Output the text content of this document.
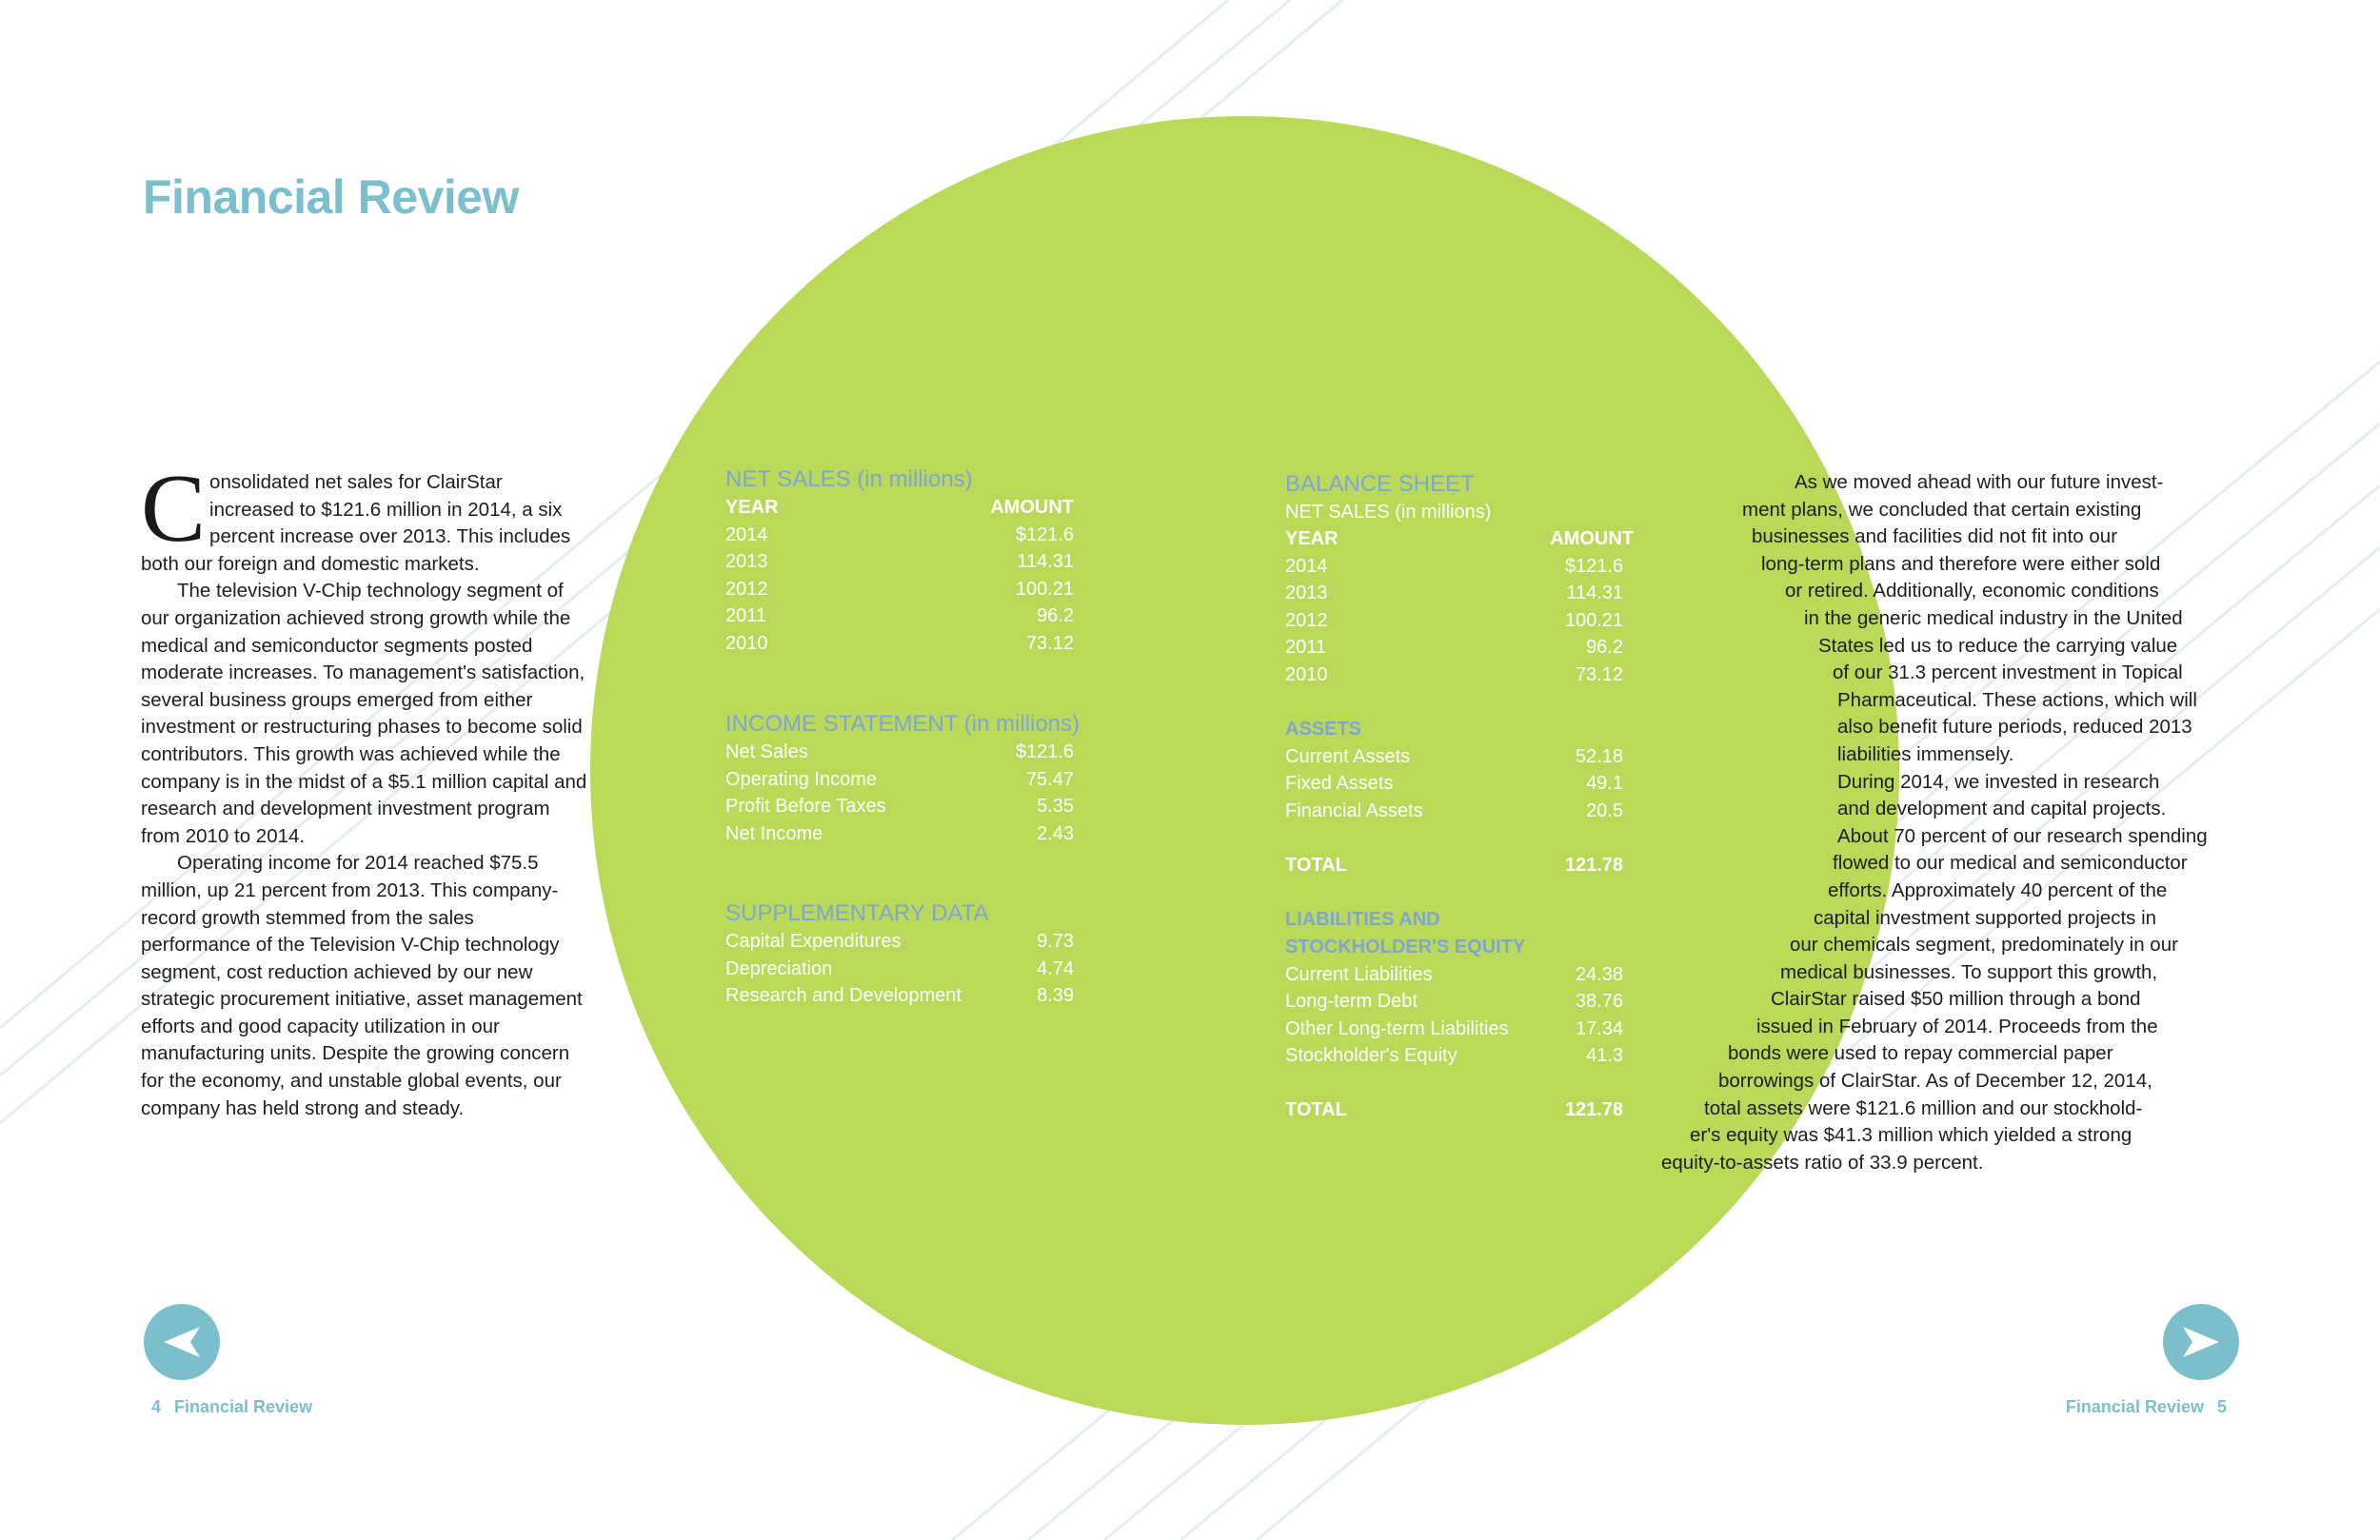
Financial Review

Consolidated net sales for ClairStar increased to $121.6 million in 2014, a six percent increase over 2013. This includes both our foreign and domestic markets.

The television V-Chip technology segment of our organization achieved strong growth while the medical and semiconductor segments posted moderate increases. To management's satisfaction, several business groups emerged from either investment or restructuring phases to become solid contributors. This growth was achieved while the company is in the midst of a $5.1 million capital and research and development investment program from 2010 to 2014.

Operating income for 2014 reached $75.5 million, up 21 percent from 2013. This company-record growth stemmed from the sales performance of the Television V-Chip technology segment, cost reduction achieved by our new strategic procurement initiative, asset management efforts and good capacity utilization in our manufacturing units. Despite the growing concern for the economy, and unstable global events, our company has held strong and steady.

NET SALES (in millions)

YEAR	AMOUNT
2014	$121.6
2013	114.31
2012	100.21
2011	96.2
2010	73.12

INCOME STATEMENT (in millions)

Net Sales	$121.6
Operating Income	75.47
Profit Before Taxes	5.35
Net Income	2.43

SUPPLEMENTARY DATA

Capital Expenditures	9.73
Depreciation	4.74
Research and Development	8.39

BALANCE SHEET

NET SALES (in millions)
YEAR	AMOUNT
2014	$121.6
2013	114.31
2012	100.21
2011	96.2
2010	73.12

ASSETS

Current Assets	52.18
Fixed Assets	49.1
Financial Assets	20.5
TOTAL	121.78

LIABILITIES AND

STOCKHOLDER'S EQUITY

Current Liabilities	24.38
Long-term Debt	38.76
Other Long-term Liabilities	17.34
Stockholder's Equity	41.3
TOTAL	121.78
As we moved ahead with our future invest-
ment plans, we concluded that certain existing
businesses and facilities did not fit into our
long-term plans and therefore were either sold
or retired. Additionally, economic conditions
in the generic medical industry in the United
States led us to reduce the carrying value
of our 31.3 percent investment in Topical
Pharmaceutical. These actions, which will
also benefit future periods, reduced 2013
liabilities immensely.
During 2014, we invested in research
and development and capital projects.
About 70 percent of our research spending
flowed to our medical and semiconductor
efforts. Approximately 40 percent of the
capital investment supported projects in
our chemicals segment, predominately in our
medical businesses. To support this growth,
ClairStar raised $50 million through a bond
issued in February of 2014. Proceeds from the
bonds were used to repay commercial paper
borrowings of ClairStar. As of December 12, 2014,
total assets were $121.6 million and our stockhold-
er's equity was $41.3 million which yielded a strong
equity-to-assets ratio of 33.9 percent.
4 Financial Review	Financial Review 5
